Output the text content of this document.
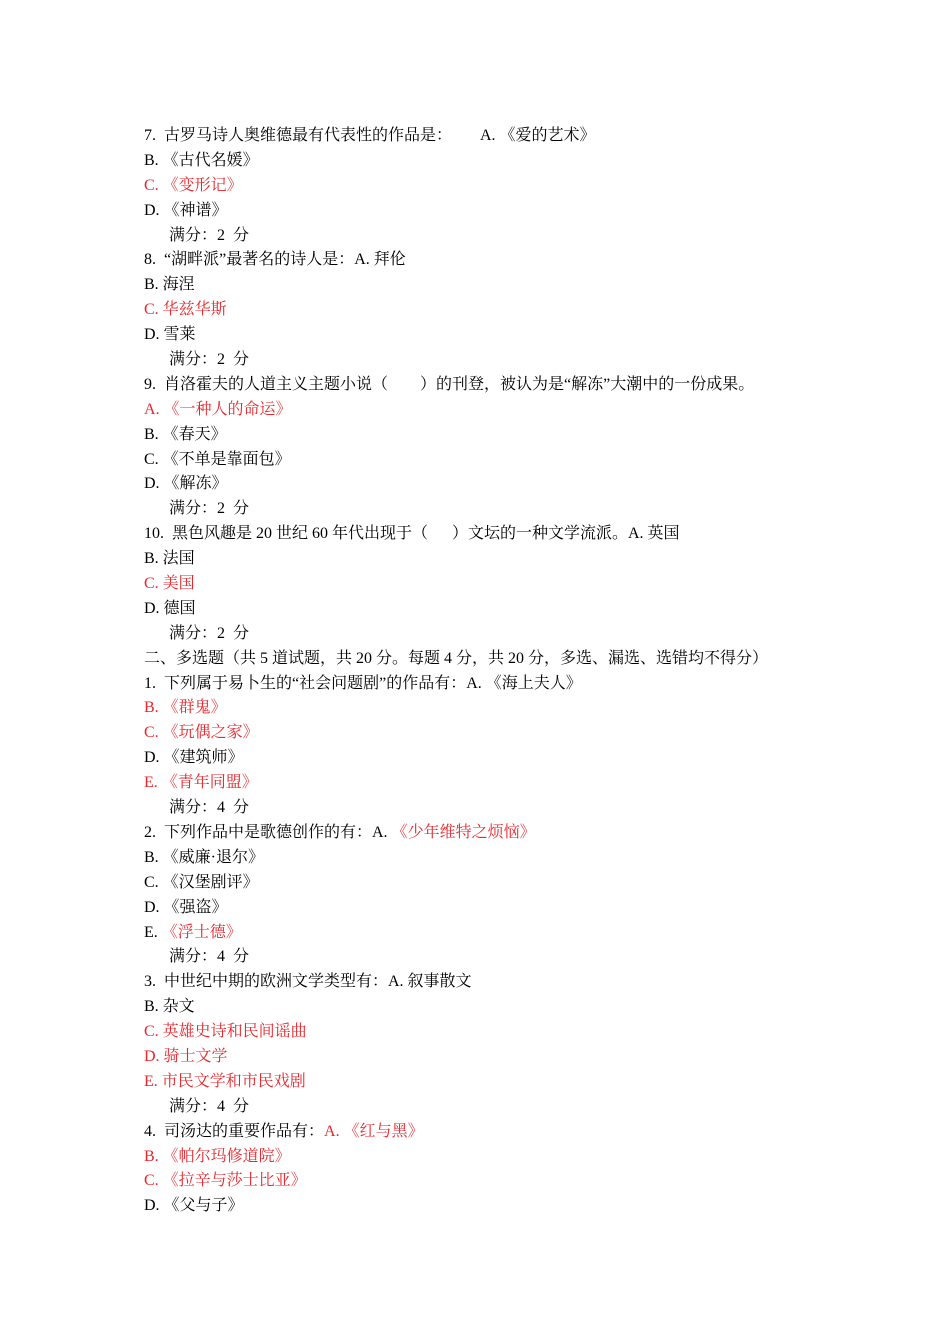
7.  古罗马诗人奥维德最有代表性的作品是：       A. 《爱的艺术》
B. 《古代名媛》
C. 《变形记》
D. 《神谱》
满分：2  分
8.  “湖畔派”最著名的诗人是：A. 拜伦
B. 海涅
C. 华兹华斯
D. 雪莱
满分：2  分
9.  肖洛霍夫的人道主义主题小说（        ）的刊登，被认为是“解冻”大潮中的一份成果。
A. 《一种人的命运》
B. 《春天》
C. 《不单是靠面包》
D. 《解冻》
满分：2  分
10.  黑色风趣是 20 世纪 60 年代出现于（      ）文坛的一种文学流派。A. 英国
B. 法国
C. 美国
D. 德国
满分：2  分
二、多选题（共 5 道试题，共 20 分。每题 4 分，共 20 分，多选、漏选、选错均不得分）
1.  下列属于易卜生的“社会问题剧”的作品有：A. 《海上夫人》
B. 《群鬼》
C. 《玩偶之家》
D. 《建筑师》
E. 《青年同盟》
满分：4  分
2.  下列作品中是歌德创作的有：A. 《少年维特之烦恼》
B. 《威廉·退尔》
C. 《汉堡剧评》
D. 《强盗》
E. 《浮士德》
满分：4  分
3.  中世纪中期的欧洲文学类型有：A. 叙事散文
B. 杂文
C. 英雄史诗和民间谣曲
D. 骑士文学
E. 市民文学和市民戏剧
满分：4  分
4.  司汤达的重要作品有：A. 《红与黑》
B. 《帕尔玛修道院》
C. 《拉辛与莎士比亚》
D. 《父与子》
